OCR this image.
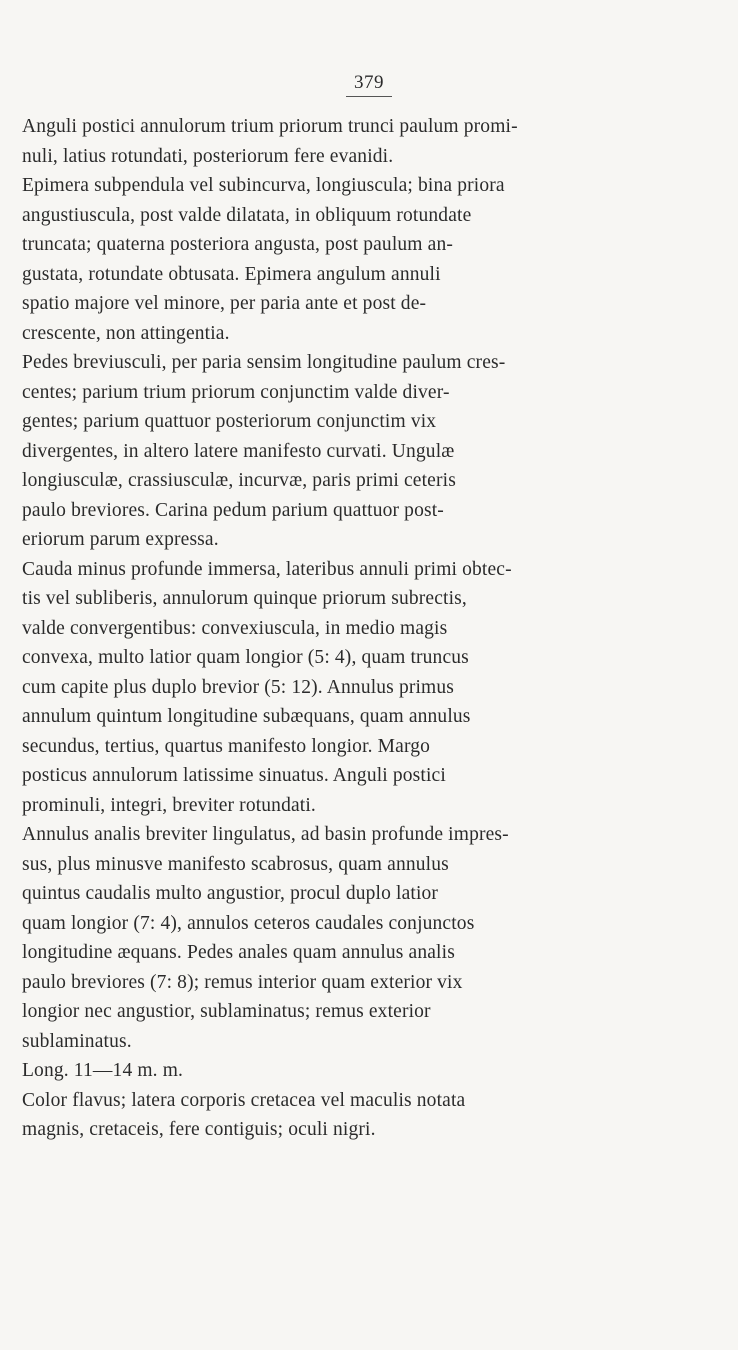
379
Anguli postici annulorum trium priorum trunci paulum promi-
nuli, latius rotundati, posteriorum fere evanidi.
Epimera subpendula vel subincurva, longiuscula; bina priora
angustiuscula, post valde dilatata, in obliquum rotundate
truncata; quaterna posteriora angusta, post paulum an-
gustata, rotundate obtusata. Epimera angulum annuli
spatio majore vel minore, per paria ante et post de-
crescente, non attingentia.
Pedes breviusculi, per paria sensim longitudine paulum cres-
centes; parium trium priorum conjunctim valde diver-
gentes; parium quattuor posteriorum conjunctim vix
divergentes, in altero latere manifesto curvati. Ungulæ
longiusculæ, crassiusculæ, incurvæ, paris primi ceteris
paulo breviores. Carina pedum parium quattuor post-
eriorum parum expressa.
Cauda minus profunde immersa, lateribus annuli primi obtec-
tis vel subliberis, annulorum quinque priorum subrectis,
valde convergentibus: convexiuscula, in medio magis
convexa, multo latior quam longior (5: 4), quam truncus
cum capite plus duplo brevior (5: 12). Annulus primus
annulum quintum longitudine subæquans, quam annulus
secundus, tertius, quartus manifesto longior. Margo
posticus annulorum latissime sinuatus. Anguli postici
prominuli, integri, breviter rotundati.
Annulus analis breviter lingulatus, ad basin profunde impres-
sus, plus minusve manifesto scabrosus, quam annulus
quintus caudalis multo angustior, procul duplo latior
quam longior (7: 4), annulos ceteros caudales conjunctos
longitudine æquans. Pedes anales quam annulus analis
paulo breviores (7: 8); remus interior quam exterior vix
longior nec angustior, sublaminatus; remus exterior
sublaminatus.
Long. 11—14 m. m.
Color flavus; latera corporis cretacea vel maculis notata
magnis, cretaceis, fere contiguis; oculi nigri.
